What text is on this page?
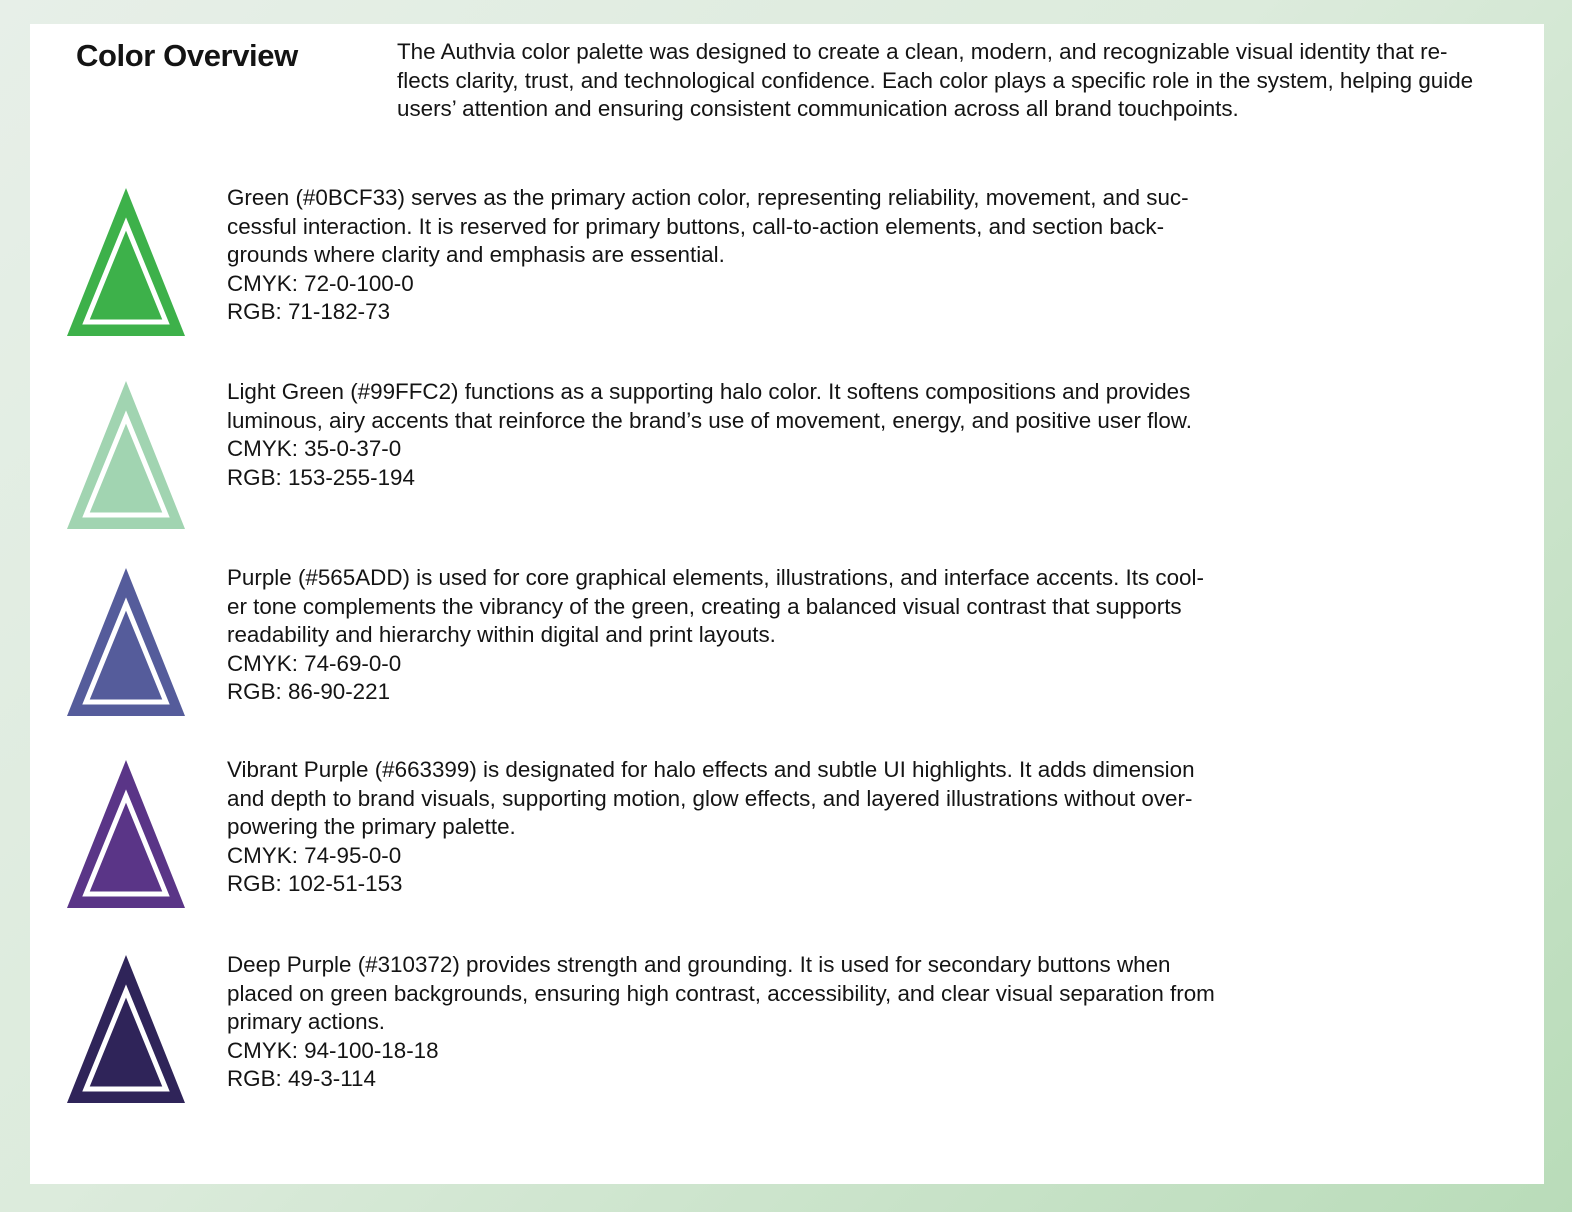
Color Overview	The Authvia color palette was designed to create a clean, modern, and recognizable visual identity that re-
flects clarity, trust, and technological confidence. Each color plays a specific role in the system, helping guide
users’ attention and ensuring consistent communication across all brand touchpoints.

Green (#0BCF33) serves as the primary action color, representing reliability, movement, and suc-
cessful interaction. It is reserved for primary buttons, call-to-action elements, and section back-
grounds where clarity and emphasis are essential.

CMYK: 72-0-100-0
RGB: 71-182-73

Light Green (#99FFC2) functions as a supporting halo color. It softens compositions and provides
luminous, airy accents that reinforce the brand’s use of movement, energy, and positive user flow.

CMYK: 35-0-37-0
RGB: 153-255-194

Purple (#565ADD) is used for core graphical elements, illustrations, and interface accents. Its cool-
er tone complements the vibrancy of the green, creating a balanced visual contrast that supports
readability and hierarchy within digital and print layouts.

CMYK: 74-69-0-0
RGB: 86-90-221

Vibrant Purple (#663399) is designated for halo effects and subtle UI highlights. It adds dimension
and depth to brand visuals, supporting motion, glow effects, and layered illustrations without over-
powering the primary palette.

CMYK: 74-95-0-0
RGB: 102-51-153

Deep Purple (#310372) provides strength and grounding. It is used for secondary buttons when
placed on green backgrounds, ensuring high contrast, accessibility, and clear visual separation from
primary actions.

CMYK: 94-100-18-18
RGB: 49-3-114
